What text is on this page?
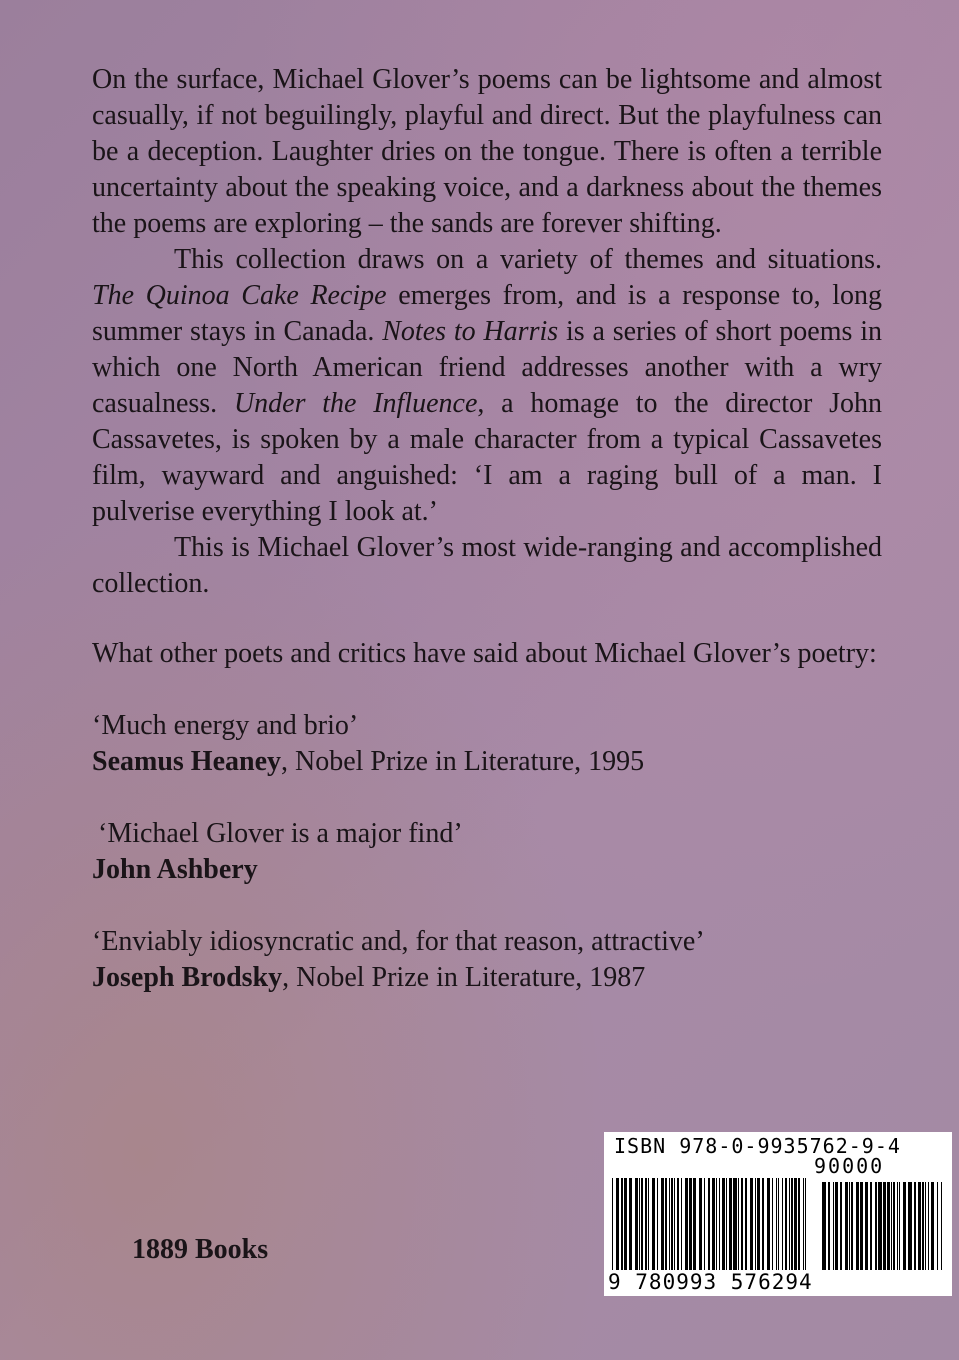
On the surface, Michael Glover’s poems can be lightsome and almost casually, if not beguilingly, playful and direct. But the playfulness can be a deception. Laughter dries on the tongue. There is often a terrible uncertainty about the speaking voice, and a darkness about the themes the poems are exploring – the sands are forever shifting.

This collection draws on a variety of themes and situations. The Quinoa Cake Recipe emerges from, and is a response to, long summer stays in Canada. Notes to Harris is a series of short poems in which one North American friend addresses another with a wry casualness. Under the Influence, a homage to the director John Cassavetes, is spoken by a male character from a typical Cassavetes film, wayward and anguished: ‘I am a raging bull of a man. I pulverise everything I look at.’

This is Michael Glover’s most wide-ranging and accomplished collection.

What other poets and critics have said about Michael Glover’s poetry:

‘Much energy and brio’
Seamus Heaney, Nobel Prize in Literature, 1995
‘Michael Glover is a major find’
John Ashbery
‘Enviably idiosyncratic and, for that reason, attractive’
Joseph Brodsky, Nobel Prize in Literature, 1987
1889 Books
ISBN 978-0-9935762-9-4
90000
9 780993 576294
